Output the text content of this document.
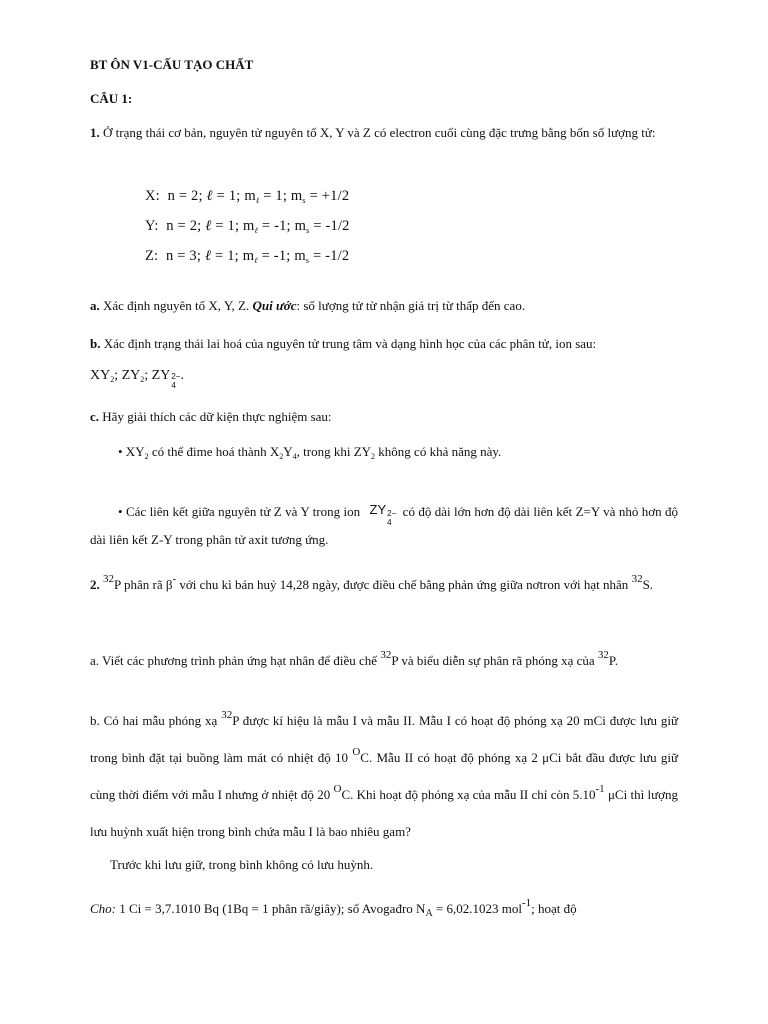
BT ÔN V1-CẤU TẠO CHẤT

CÂU 1:

1. Ở trạng thái cơ bản, nguyên tử nguyên tố X, Y và Z có electron cuối cùng đặc trưng bằng bốn số lượng tử:

X: n = 2; ℓ = 1; $m_\ell = 1$; $m_s = +1/2$
Y: n = 2; ℓ = 1; $m_\ell = -1$; $m_s = -1/2$
Z: n = 3; ℓ = 1; $m_\ell = -1$; $m_s = -1/2$

a. Xác định nguyên tố X, Y, Z. Qui ước: số lượng tử từ nhận giá trị từ thấp đến cao.

b. Xác định trạng thái lai hoá của nguyên tử trung tâm và dạng hình học của các phân tử, ion sau:

$XY_2$; $ZY_2$; ZY 2−
4
.

c. Hãy giải thích các dữ kiện thực nghiệm sau:

• $XY_2$ có thể đime hoá thành $X_2Y_4$, trong khi $ZY_2$ không có khả năng này.

• Các liên kết giữa nguyên tử Z và Y trong ion ZY 2−
4
có độ dài lớn hơn độ dài liên kết Z=Y và nhỏ hơn độ dài liên kết Z-Y trong phân tử axit tương ứng.
2. $^{32}$P phân rã β- với chu kì bán huỷ 14,28 ngày, được điều chế bằng phản ứng giữa nơtron với hạt nhân $^{32}$S.

a. Viết các phương trình phản ứng hạt nhân để điều chế $^{32}$P và biểu diễn sự phân rã phóng xạ của $^{32}$P.

b. Có hai mẫu phóng xạ $^{32}$P được kí hiệu là mẫu I và mẫu II. Mẫu I có hoạt độ phóng xạ 20 mCi được lưu giữ trong bình đặt tại buồng làm mát có nhiệt độ 10 $^O$C. Mẫu II có hoạt độ phóng xạ 2 μCi bắt đầu được lưu giữ cùng thời điểm với mẫu I nhưng ở nhiệt độ 20 $^O$C. Khi hoạt độ phóng xạ của mẫu II chỉ còn $5.10^{-1}$ μCi thì lượng lưu huỳnh xuất hiện trong bình chứa mẫu I là bao nhiêu gam?

Trước khi lưu giữ, trong bình không có lưu huỳnh.

Cho: 1 Ci = 3,7.1010 Bq (1Bq = 1 phân rã/giây); số Avogađro $N_A = 6,02.1023$ mol$^{-1}$; hoạt độ
